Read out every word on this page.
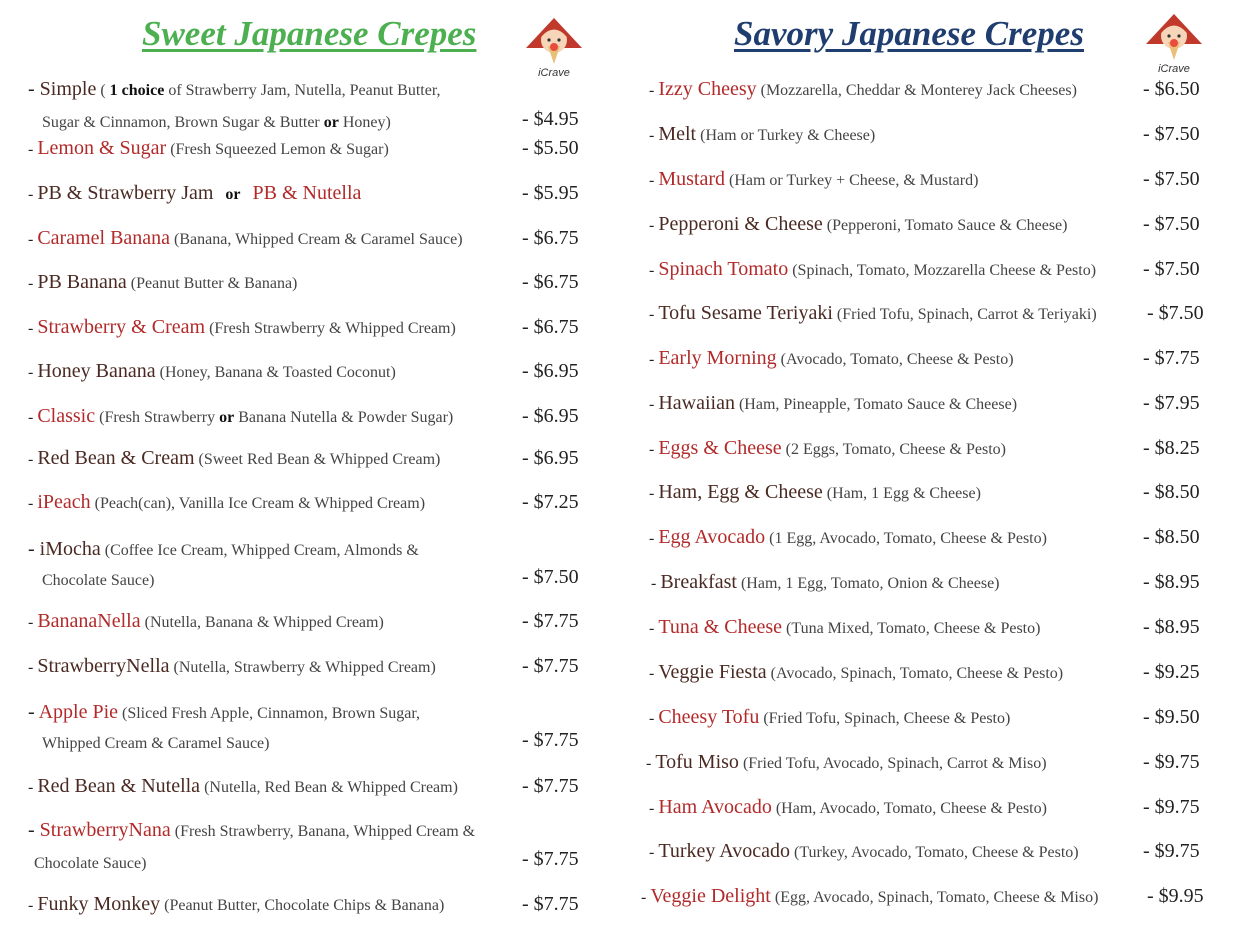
Sweet Japanese Crepes
iCrave
- Simple ( 1 choice of Strawberry Jam, Nutella, Peanut Butter,
Sugar & Cinnamon, Brown Sugar & Butter or Honey)	- $4.95
- Lemon & Sugar (Fresh Squeezed Lemon & Sugar)	- $5.50
- PB & Strawberry Jam or PB & Nutella	- $5.95
- Caramel Banana (Banana, Whipped Cream & Caramel Sauce)	- $6.75
- PB Banana (Peanut Butter & Banana)	- $6.75
- Strawberry & Cream (Fresh Strawberry & Whipped Cream)	- $6.75
- Honey Banana (Honey, Banana & Toasted Coconut)	- $6.95
- Classic (Fresh Strawberry or Banana Nutella & Powder Sugar)	- $6.95
- Red Bean & Cream (Sweet Red Bean & Whipped Cream)	- $6.95
- iPeach (Peach(can), Vanilla Ice Cream & Whipped Cream)	- $7.25
- iMocha (Coffee Ice Cream, Whipped Cream, Almonds &
Chocolate Sauce)	- $7.50
- BananaNella (Nutella, Banana & Whipped Cream)	- $7.75
- StrawberryNella (Nutella, Strawberry & Whipped Cream)	- $7.75
- Apple Pie (Sliced Fresh Apple, Cinnamon, Brown Sugar,
Whipped Cream & Caramel Sauce)	- $7.75
- Red Bean & Nutella (Nutella, Red Bean & Whipped Cream)	- $7.75
- StrawberryNana (Fresh Strawberry, Banana, Whipped Cream &
Chocolate Sauce)	- $7.75
- Funky Monkey (Peanut Butter, Chocolate Chips & Banana)	- $7.75
Savory Japanese Crepes
iCrave
- Izzy Cheesy (Mozzarella, Cheddar & Monterey Jack Cheeses)	- $6.50
- Melt (Ham or Turkey & Cheese)	- $7.50
- Mustard (Ham or Turkey + Cheese, & Mustard)	- $7.50
- Pepperoni & Cheese (Pepperoni, Tomato Sauce & Cheese)	- $7.50
- Spinach Tomato (Spinach, Tomato, Mozzarella Cheese & Pesto) - $7.50
- Tofu Sesame Teriyaki (Fried Tofu, Spinach, Carrot & Teriyaki)	- $7.50
- Early Morning (Avocado, Tomato, Cheese & Pesto)	- $7.75
- Hawaiian (Ham, Pineapple, Tomato Sauce & Cheese)	- $7.95
- Eggs & Cheese (2 Eggs, Tomato, Cheese & Pesto)	- $8.25
- Ham, Egg & Cheese (Ham, 1 Egg & Cheese)	- $8.50
- Egg Avocado (1 Egg, Avocado, Tomato, Cheese & Pesto)	- $8.50
- Breakfast (Ham, 1 Egg, Tomato, Onion & Cheese)	- $8.95
- Tuna & Cheese (Tuna Mixed, Tomato, Cheese & Pesto)	- $8.95
- Veggie Fiesta (Avocado, Spinach, Tomato, Cheese & Pesto)	- $9.25
- Cheesy Tofu (Fried Tofu, Spinach, Cheese & Pesto)	- $9.50
- Tofu Miso (Fried Tofu, Avocado, Spinach, Carrot & Miso)	- $9.75
- Ham Avocado (Ham, Avocado, Tomato, Cheese & Pesto)	- $9.75
- Turkey Avocado (Turkey, Avocado, Tomato, Cheese & Pesto)	- $9.75
- Veggie Delight (Egg, Avocado, Spinach, Tomato, Cheese & Miso) - $9.95
